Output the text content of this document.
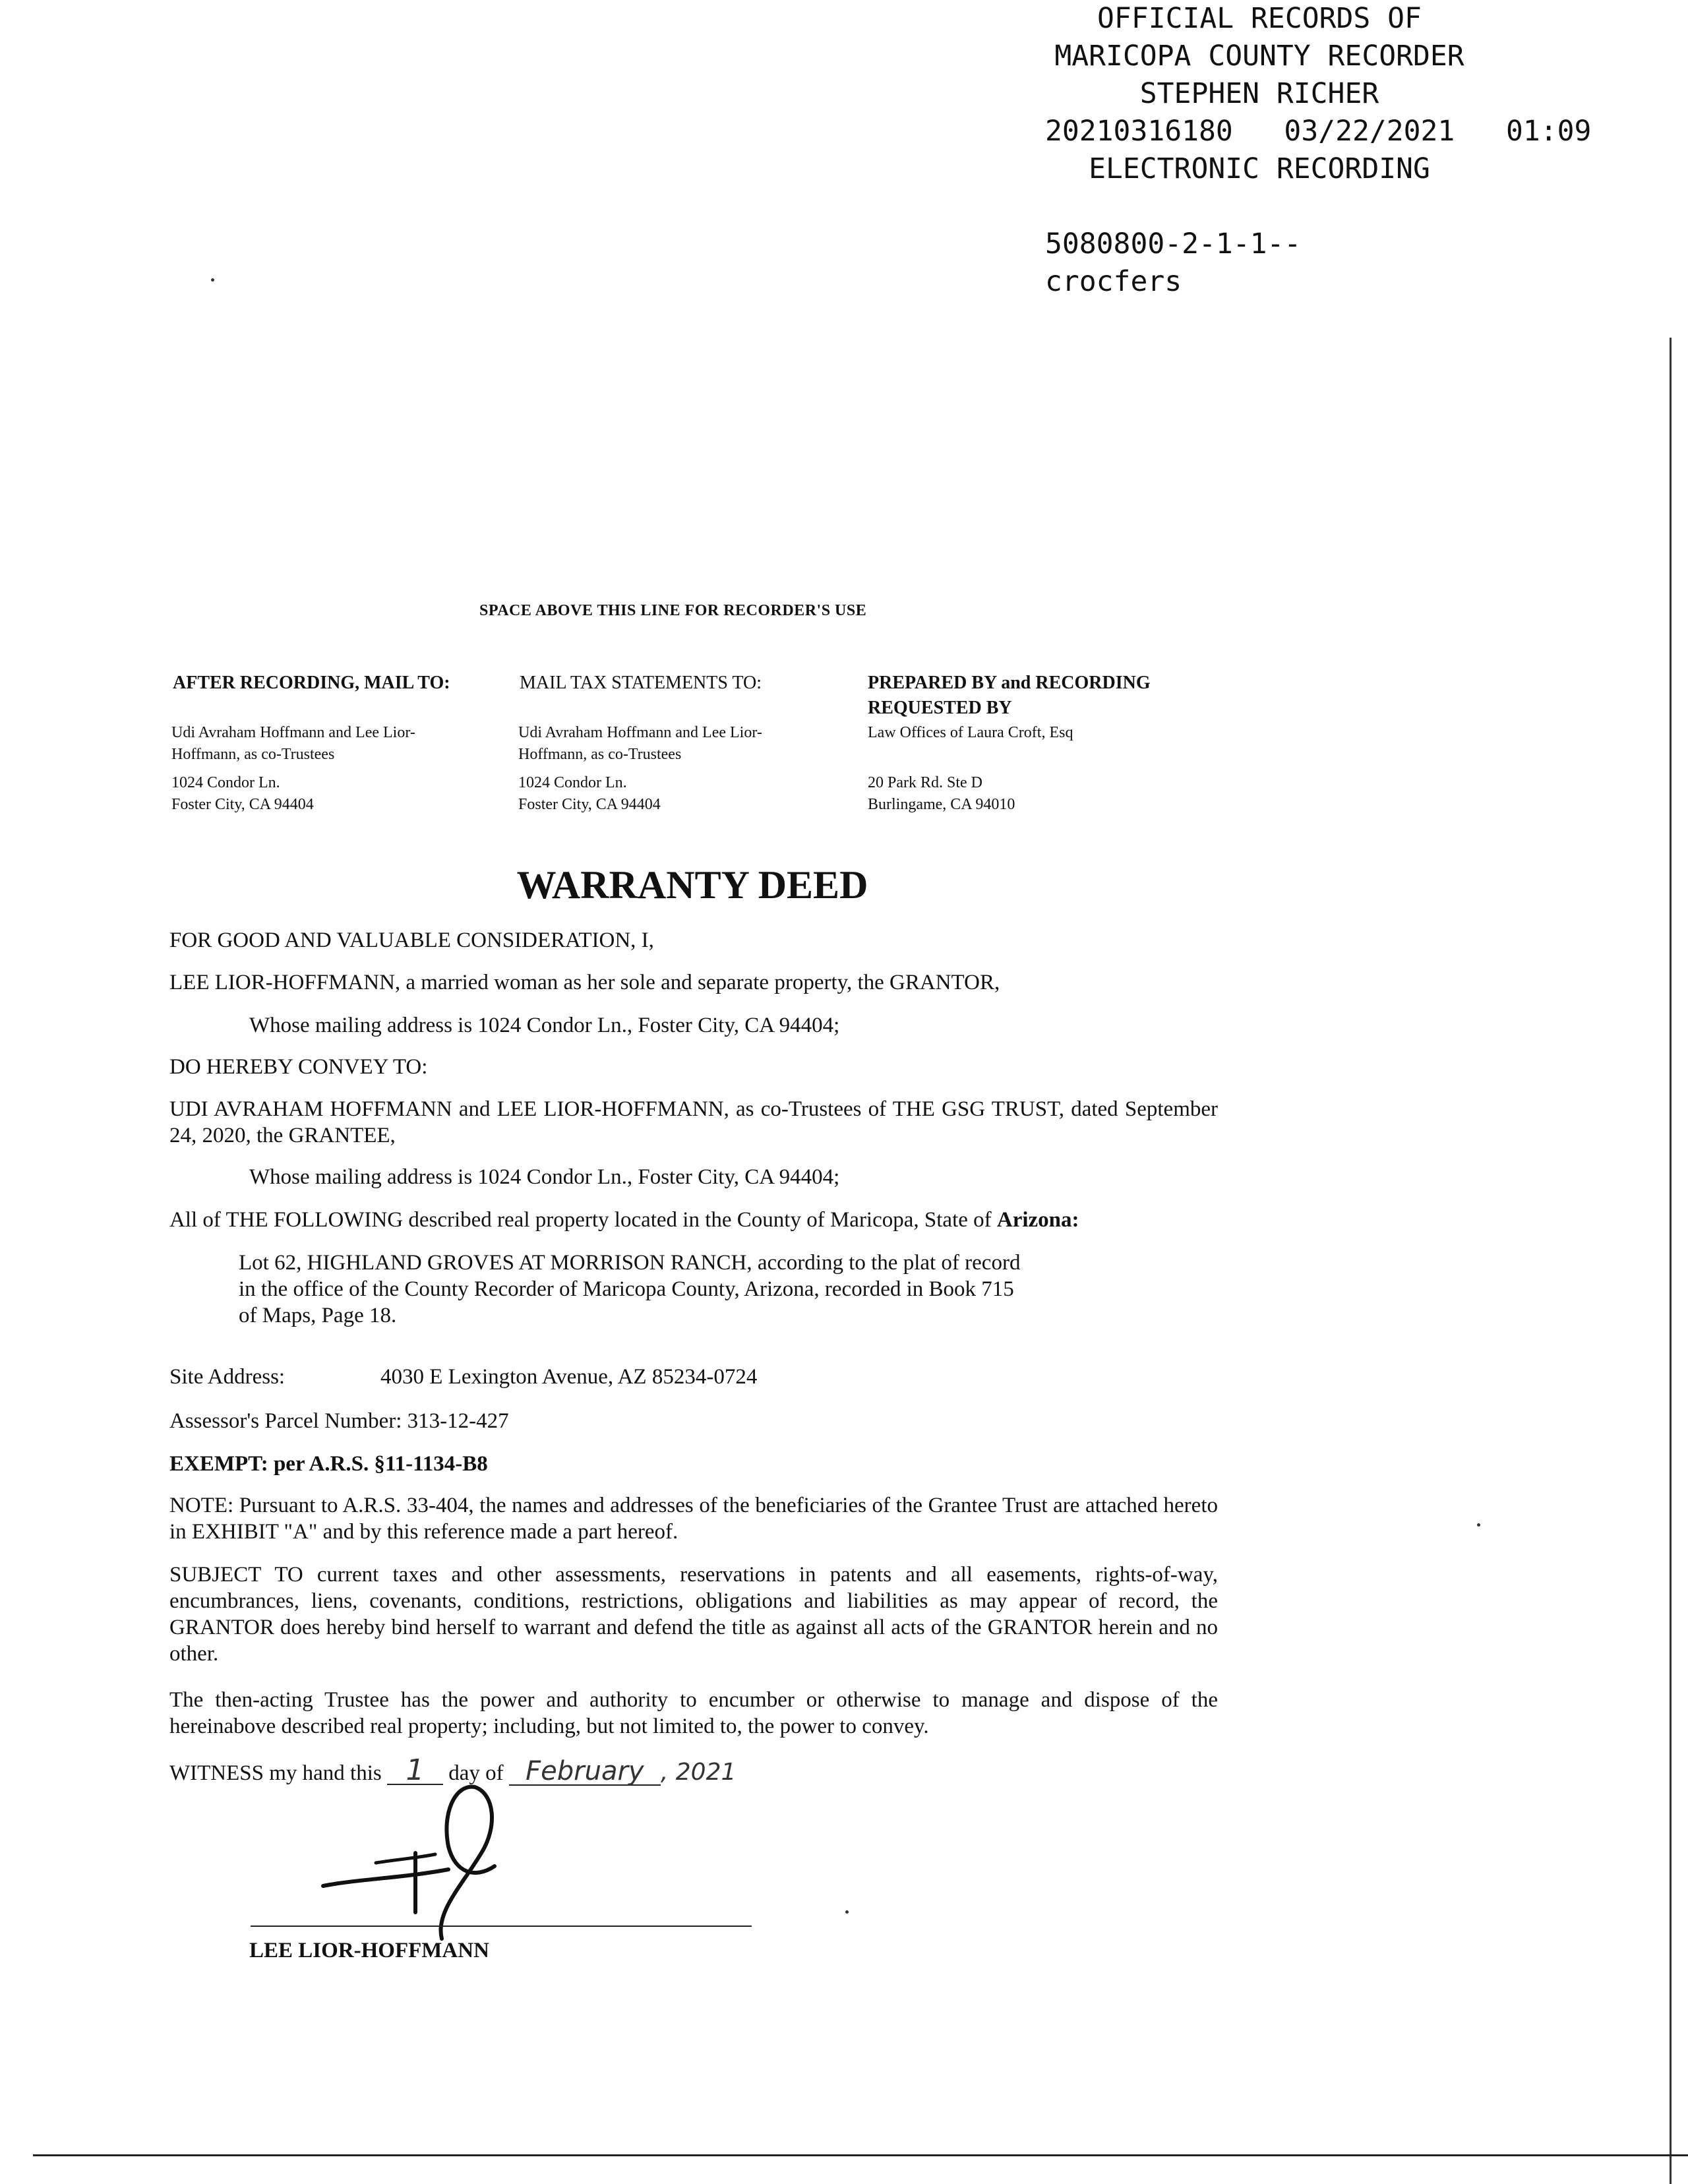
OFFICIAL RECORDS OF
MARICOPA COUNTY RECORDER
STEPHEN RICHER
20210316180   03/22/2021   01:09
ELECTRONIC RECORDING
5080800-2-1-1--
crocfers
SPACE ABOVE THIS LINE FOR RECORDER'S USE
AFTER RECORDING, MAIL TO:
Udi Avraham Hoffmann and Lee Lior-
Hoffmann, as co-Trustees
1024 Condor Ln.
Foster City, CA 94404
MAIL TAX STATEMENTS TO:
Udi Avraham Hoffmann and Lee Lior-
Hoffmann, as co-Trustees
1024 Condor Ln.
Foster City, CA 94404
PREPARED BY and RECORDING
REQUESTED BY
Law Offices of Laura Croft, Esq
20 Park Rd. Ste D
Burlingame, CA 94010
WARRANTY DEED
FOR GOOD AND VALUABLE CONSIDERATION, I,
LEE LIOR-HOFFMANN, a married woman as her sole and separate property, the GRANTOR,
Whose mailing address is 1024 Condor Ln., Foster City, CA 94404;
DO HEREBY CONVEY TO:
UDI AVRAHAM HOFFMANN and LEE LIOR-HOFFMANN, as co-Trustees of THE GSG TRUST, dated September 24, 2020, the GRANTEE,
Whose mailing address is 1024 Condor Ln., Foster City, CA 94404;
All of THE FOLLOWING described real property located in the County of Maricopa, State of Arizona:
Lot 62, HIGHLAND GROVES AT MORRISON RANCH, according to the plat of record
in the office of the County Recorder of Maricopa County, Arizona, recorded in Book 715
of Maps, Page 18.
Site Address:	4030 E Lexington Avenue, AZ 85234-0724
Assessor's Parcel Number: 313-12-427
EXEMPT: per A.R.S. §11-1134-B8
NOTE: Pursuant to A.R.S. 33-404, the names and addresses of the beneficiaries of the Grantee Trust are attached hereto in EXHIBIT "A" and by this reference made a part hereof.
SUBJECT TO current taxes and other assessments, reservations in patents and all easements, rights-of-way, encumbrances, liens, covenants, conditions, restrictions, obligations and liabilities as may appear of record, the GRANTOR does hereby bind herself to warrant and defend the title as against all acts of the GRANTOR herein and no other.
The then-acting Trustee has the power and authority to encumber or otherwise to manage and dispose of the hereinabove described real property; including, but not limited to, the power to convey.
WITNESS my hand this 1 day of February , 2021
LEE LIOR-HOFFMANN
